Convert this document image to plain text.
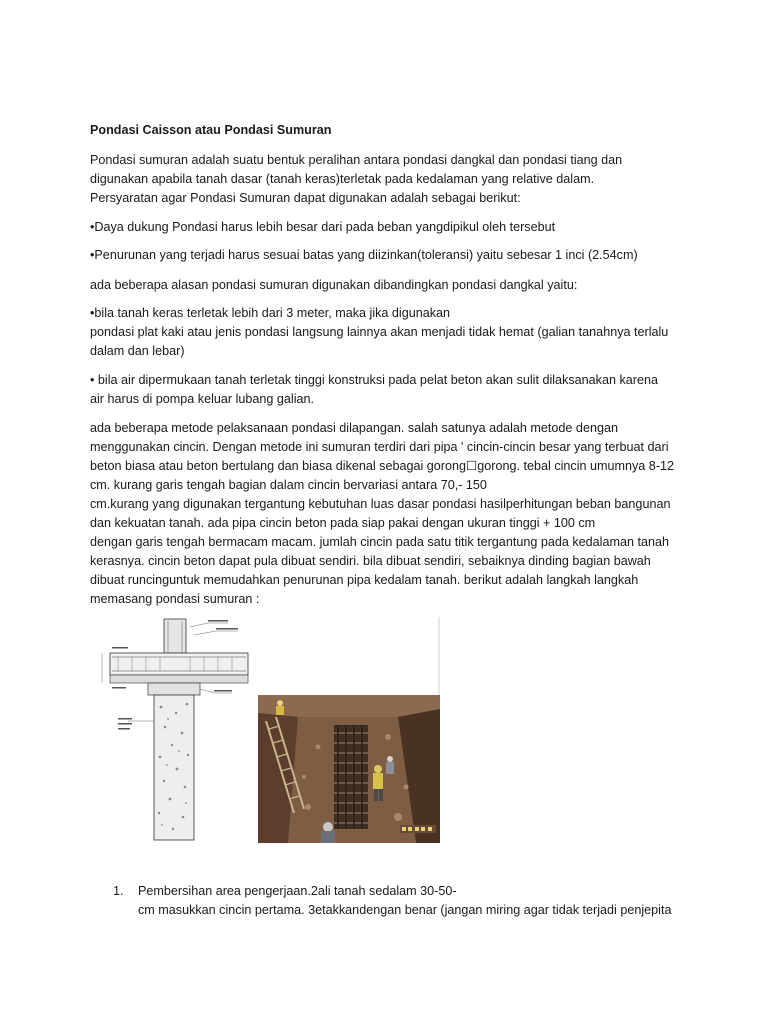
Pondasi Caisson atau Pondasi Sumuran

Pondasi sumuran adalah suatu bentuk peralihan antara pondasi dangkal dan pondasi tiang dan

digunakan apabila tanah dasar (tanah keras)terletak pada kedalaman yang relative dalam.

Persyaratan agar Pondasi Sumuran dapat digunakan adalah sebagai berikut:

•Daya dukung Pondasi harus lebih besar dari pada beban yangdipikul oleh tersebut

•Penurunan yang terjadi harus sesuai batas yang diizinkan(toleransi) yaitu sebesar 1 inci (2.54cm)

ada beberapa alasan pondasi sumuran digunakan dibandingkan pondasi dangkal yaitu:

•bila tanah keras terletak lebih dari 3 meter, maka jika digunakan

pondasi plat kaki atau jenis pondasi langsung lainnya akan menjadi tidak hemat (galian tanahnya terlalu

dalam dan lebar)

• bila air dipermukaan tanah terletak tinggi konstruksi pada pelat beton akan sulit dilaksanakan karena

air harus di pompa keluar lubang galian.

ada beberapa metode pelaksanaan pondasi dilapangan. salah satunya adalah metode dengan

menggunakan cincin. Dengan metode ini sumuran terdiri dari pipa ' cincin-cincin besar yang terbuat dari

beton biasa atau beton bertulang dan biasa dikenal sebagai gorong☐gorong. tebal cincin umumnya 8-12

cm. kurang garis tengah bagian dalam cincin bervariasi antara 70,- 150

cm.kurang yang digunakan tergantung kebutuhan luas dasar pondasi hasilperhitungan beban bangunan

dan kekuatan tanah. ada pipa cincin beton pada siap pakai dengan ukuran tinggi + 100 cm

dengan garis tengah bermacam macam. jumlah cincin pada satu titik tergantung pada kedalaman tanah

kerasnya. cincin beton dapat pula dibuat sendiri. bila dibuat sendiri, sebaiknya dinding bagian bawah

dibuat runcinguntuk memudahkan penurunan pipa kedalam tanah. berikut adalah langkah langkah

memasang pondasi sumuran :

1. Pembersihan area pengerjaan.2ali tanah sedalam 30-50-

cm masukkan cincin pertama. 3etakkandengan benar (jangan miring agar tidak terjadi penjepita
